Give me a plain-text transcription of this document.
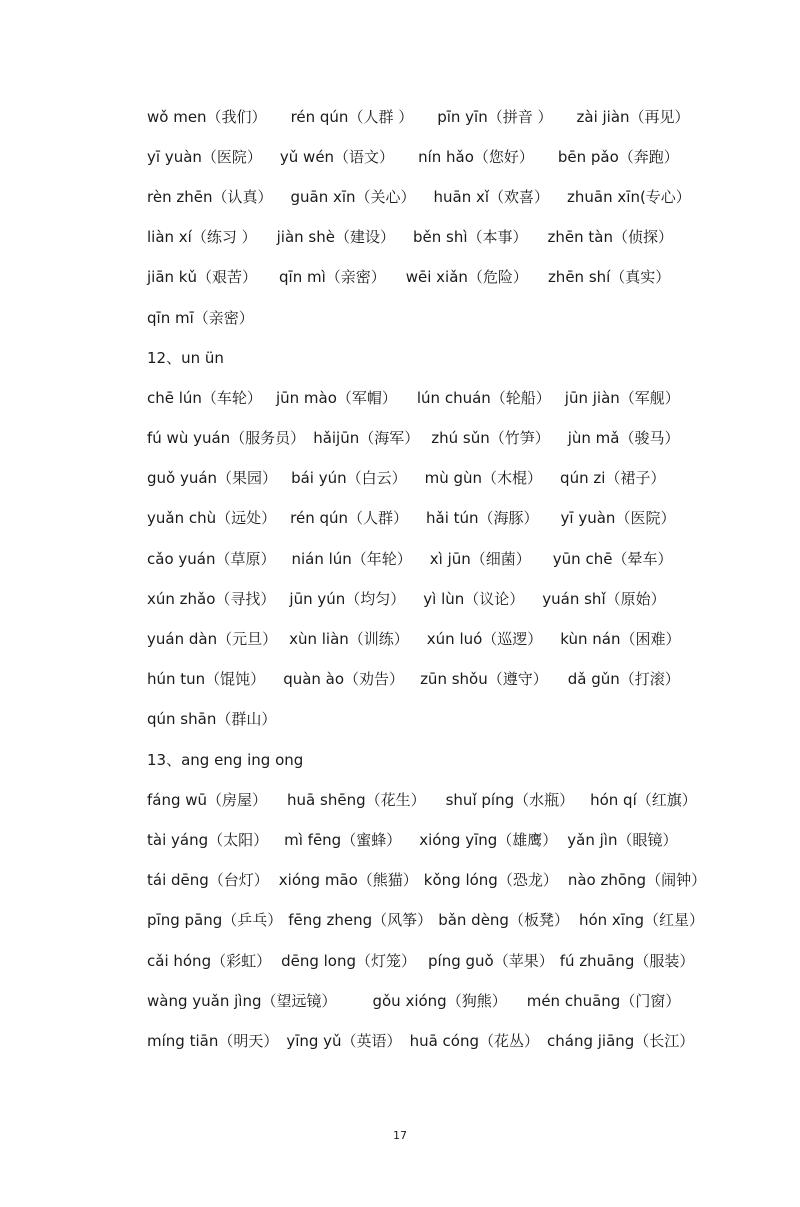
wǒ men（我们） rén qún（人群 ） pīn yīn（拼音 ） zài jiàn（再见）
yī yuàn（医院） yǔ wén（语文） nín hǎo（您好） bēn pǎo（奔跑）
rèn zhēn（认真） guān xīn（关心） huān xǐ（欢喜） zhuān xīn(专心）
liàn xí（练习 ） jiàn shè（建设） běn shì（本事） zhēn tàn（侦探）
jiān kǔ（艰苦） qīn mì（亲密） wēi xiǎn（危险） zhēn shí（真实）
qīn mī（亲密）
12、un ün
chē lún（车轮） jūn mào（军帽） lún chuán（轮船） jūn jiàn（军舰）
fú wù yuán（服务员） hǎijūn（海军） zhú sǔn（竹笋） jùn mǎ（骏马）
guǒ yuán（果园） bái yún（白云） mù gùn（木棍） qún zi（裙子）
yuǎn chù（远处） rén qún（人群） hǎi tún（海豚） yī yuàn（医院）
cǎo yuán（草原） nián lún（年轮） xì jūn（细菌） yūn chē（晕车）
xún zhǎo（寻找） jūn yún（均匀） yì lùn（议论） yuán shǐ（原始）
yuán dàn（元旦） xùn liàn（训练） xún luó（巡逻） kùn nán（困难）
hún tun（馄饨） quàn ào（劝告） zūn shǒu（遵守） dǎ gǔn（打滚）
qún shān（群山）
13、ang eng ing ong
fáng wū（房屋） huā shēng（花生） shuǐ píng（水瓶） hón qí（红旗）
tài yáng（太阳） mì fēng（蜜蜂） xióng yīng（雄鹰） yǎn jìn（眼镜）
tái dēng（台灯） xióng māo（熊猫） kǒng lóng（恐龙） nào zhōng（闹钟）
pīng pāng（乒乓） fēng zheng（风筝） bǎn dèng（板凳） hón xīng（红星）
cǎi hóng（彩虹） dēng long（灯笼） píng guǒ（苹果） fú zhuāng（服装）
wàng yuǎn jìng（望远镜） gǒu xióng（狗熊） mén chuāng（门窗）
míng tiān（明天） yīng yǔ（英语） huā cóng（花丛） cháng jiāng（长江）
17
